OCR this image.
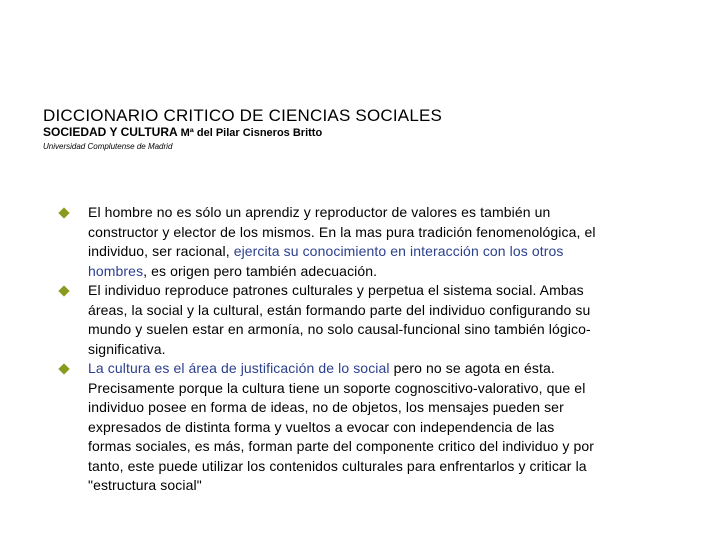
DICCIONARIO CRITICO DE CIENCIAS SOCIALES
SOCIEDAD Y CULTURA Mª del Pilar Cisneros Britto
Universidad Complutense de Madrid
El hombre no es sólo un aprendiz y reproductor de valores es también un constructor y elector de los mismos. En la mas pura tradición fenomenológica, el individuo, ser racional, ejercita su conocimiento en interacción con los otros hombres, es origen pero también adecuación.
El individuo reproduce patrones culturales y perpetua el sistema social. Ambas áreas, la social y la cultural, están formando parte del individuo configurando su mundo y suelen estar en armonía, no solo causal-funcional sino también lógico-significativa.
La cultura es el área de justificación de lo social pero no se agota en ésta. Precisamente porque la cultura tiene un soporte cognoscitivo-valorativo, que el individuo posee en forma de ideas, no de objetos, los mensajes pueden ser expresados de distinta forma y vueltos a evocar con independencia de las formas sociales, es más, forman parte del componente critico del individuo y por tanto, este puede utilizar los contenidos culturales para enfrentarlos y criticar la "estructura social"
